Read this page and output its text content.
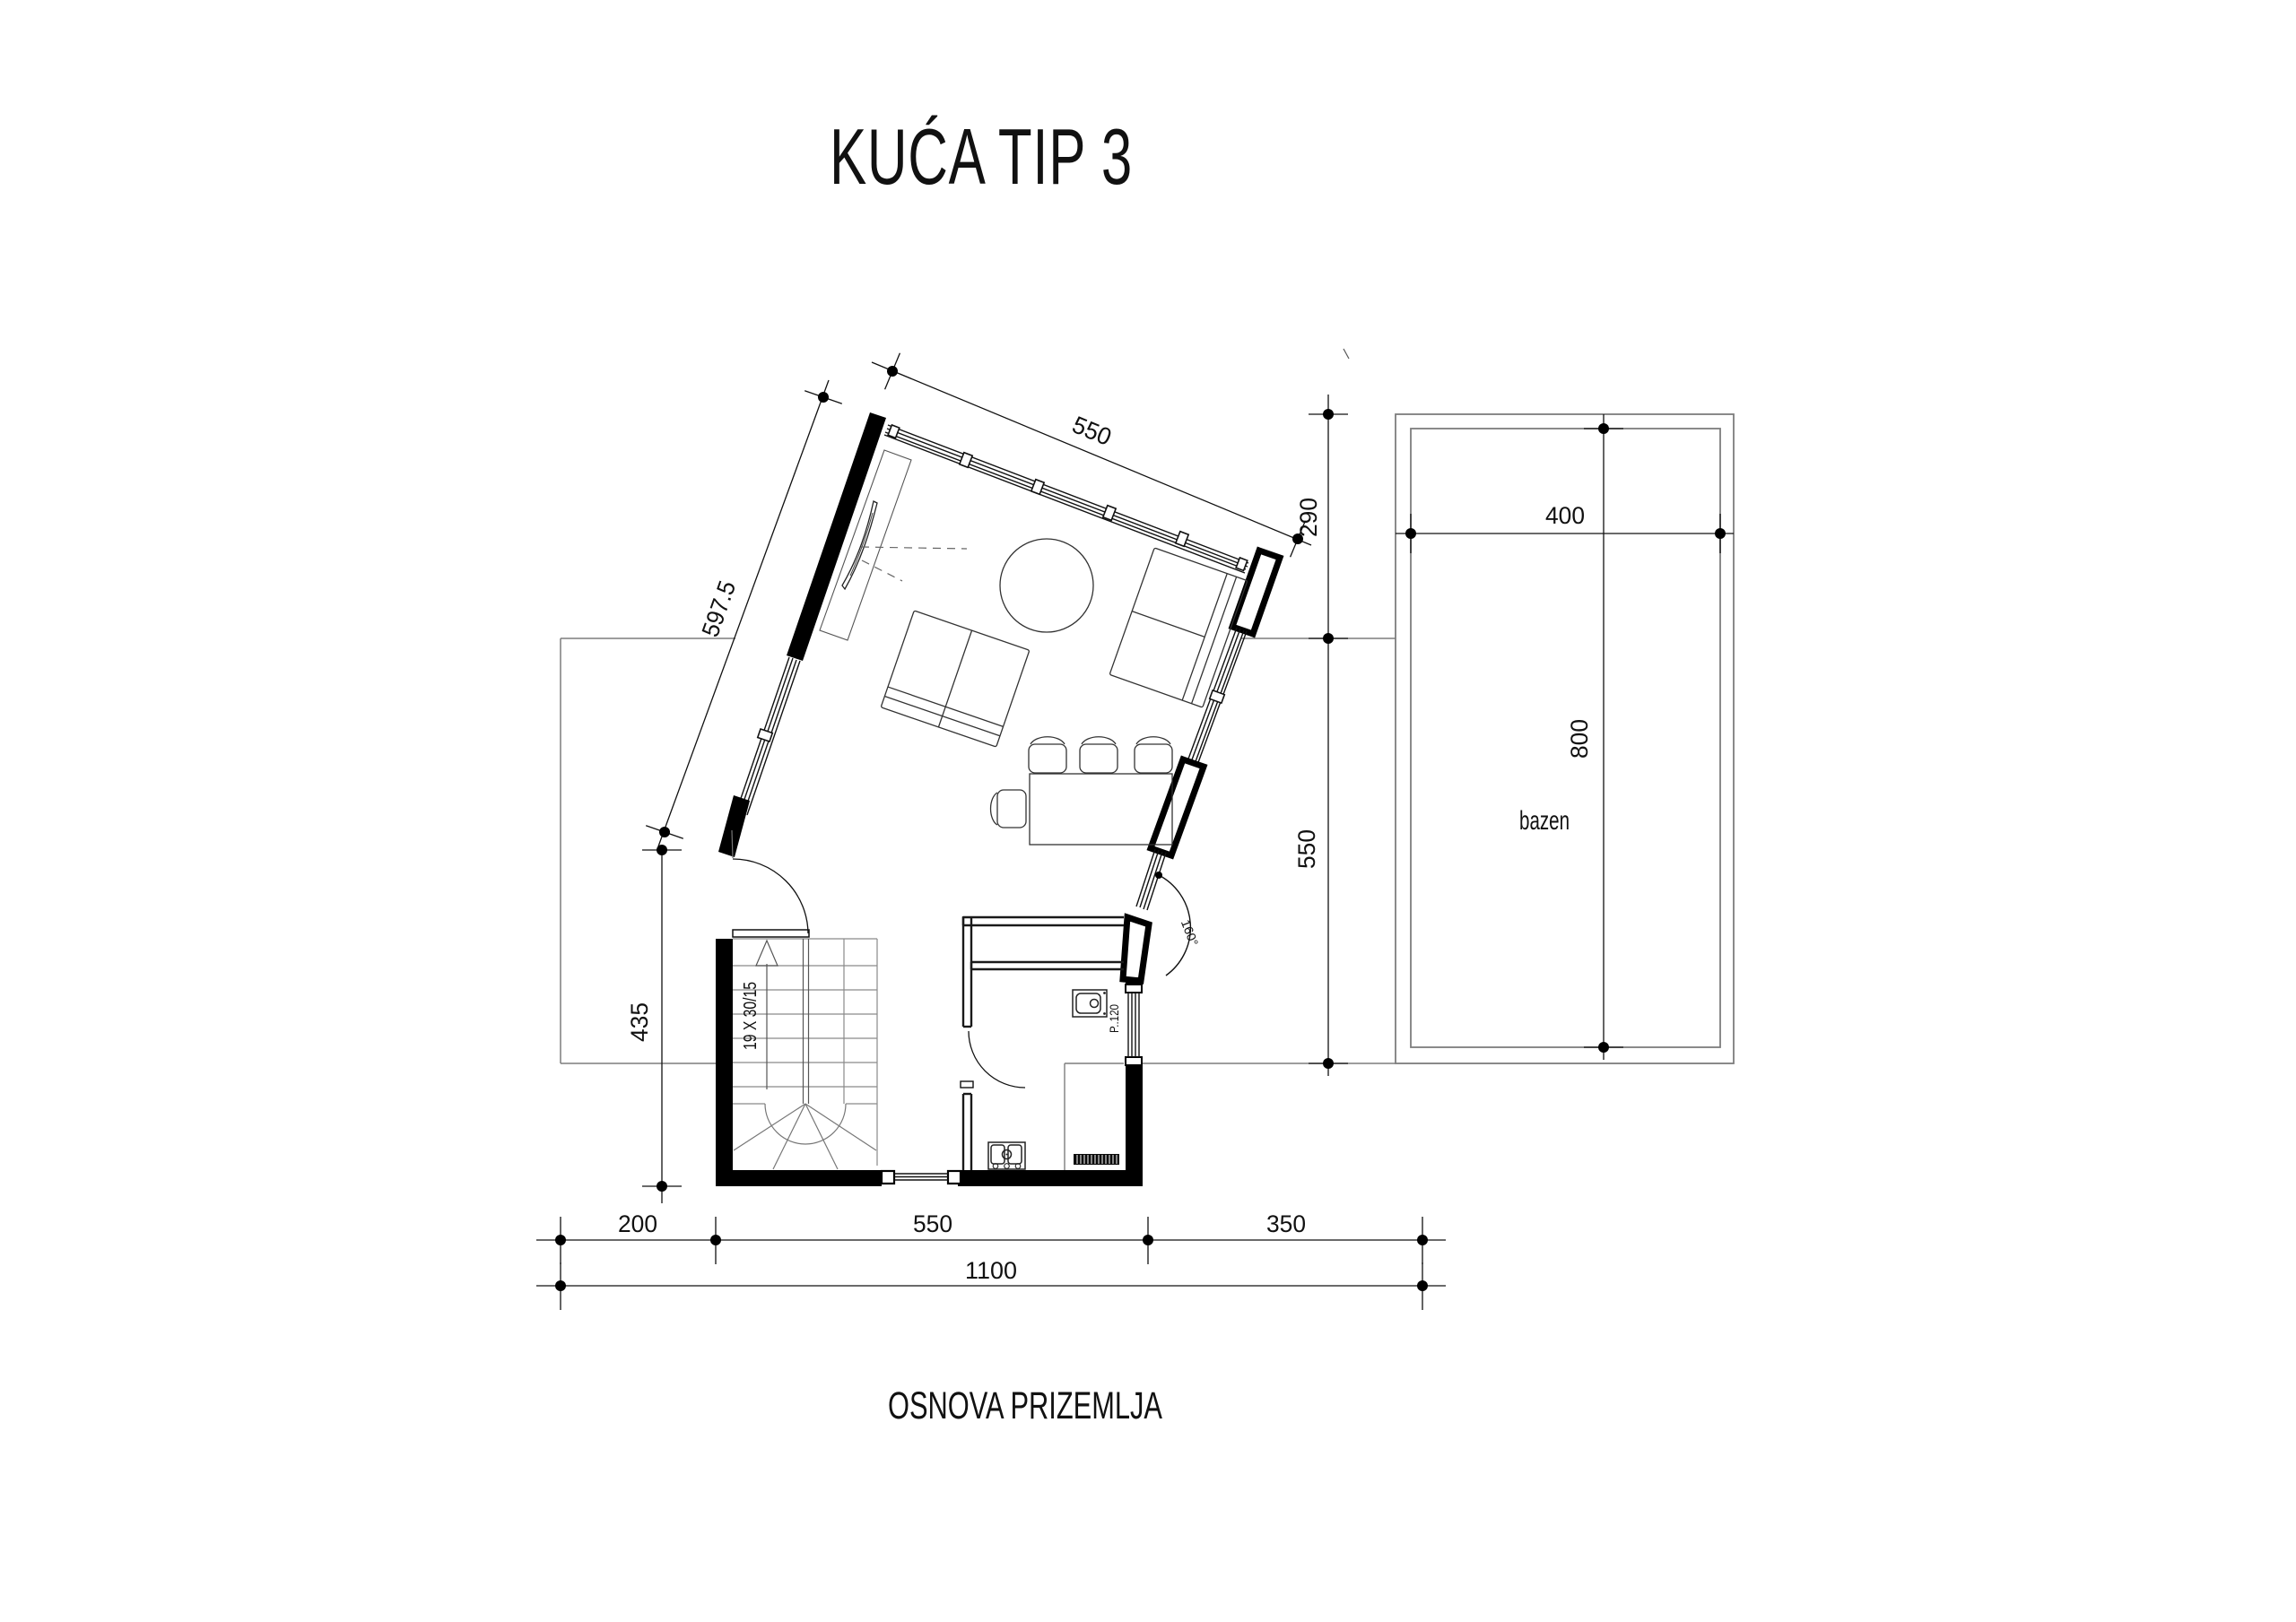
bazen
160°
19 X 30/15	P..120
550
597.5
435
290
550
400
800
200	550	350
1100
KUĆA TIP 3
OSNOVA PRIZEMLJA
